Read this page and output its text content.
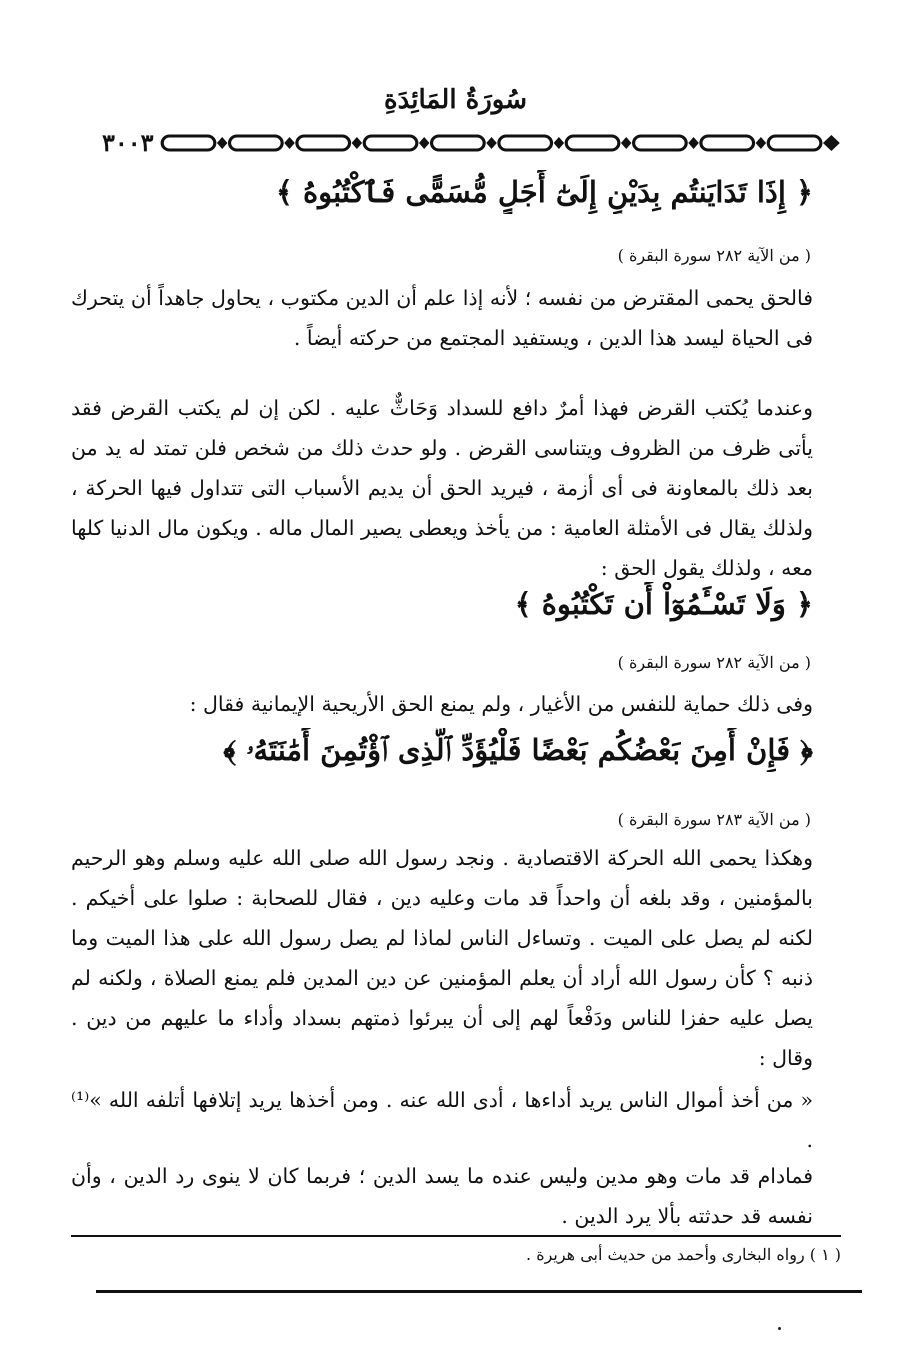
سُورَةُ المَائِدَةِ
٣٠٠٣
﴿ إِذَا تَدَايَنتُم بِدَيْنٍ إِلَىٰٓ أَجَلٍ مُّسَمًّى فَٱكْتُبُوهُ ﴾
( من الآية ٢٨٢ سورة البقرة )
فالحق يحمى المقترض من نفسه ؛ لأنه إذا علم أن الدين مكتوب ، يحاول جاهداً أن يتحرك فى الحياة ليسد هذا الدين ، ويستفيد المجتمع من حركته أيضاً .
وعندما يُكتب القرض فهذا أمرٌ دافع للسداد وَحَاثٌّ عليه . لكن إن لم يكتب القرض فقد يأتى ظرف من الظروف ويتناسى القرض . ولو حدث ذلك من شخص فلن تمتد له يد من بعد ذلك بالمعاونة فى أى أزمة ، فيريد الحق أن يديم الأسباب التى تتداول فيها الحركة ، ولذلك يقال فى الأمثلة العامية : من يأخذ ويعطى يصير المال ماله . ويكون مال الدنيا كلها معه ، ولذلك يقول الحق :
﴿ وَلَا تَسْـَٔمُوٓاْ أَن تَكْتُبُوهُ ﴾
( من الآية ٢٨٢ سورة البقرة )
وفى ذلك حماية للنفس من الأغيار ، ولم يمنع الحق الأريحية الإيمانية فقال :
﴿ فَإِنْ أَمِنَ بَعْضُكُم بَعْضًا فَلْيُؤَدِّ ٱلَّذِى ٱؤْتُمِنَ أَمَٰنَتَهُۥ ﴾
( من الآية ٢٨٣ سورة البقرة )
وهكذا يحمى الله الحركة الاقتصادية . ونجد رسول الله صلى الله عليه وسلم وهو الرحيم بالمؤمنين ، وقد بلغه أن واحداً قد مات وعليه دين ، فقال للصحابة : صلوا على أخيكم . لكنه لم يصل على الميت . وتساءل الناس لماذا لم يصل رسول الله على هذا الميت وما ذنبه ؟ كأن رسول الله أراد أن يعلم المؤمنين عن دين المدين فلم يمنع الصلاة ، ولكنه لم يصل عليه حفزا للناس ودَفْعاً لهم إلى أن يبرئوا ذمتهم بسداد وأداء ما عليهم من دين . وقال :
« من أخذ أموال الناس يريد أداءها ، أدى الله عنه . ومن أخذها يريد إتلافها أتلفه الله »⁽¹⁾ .
فمادام قد مات وهو مدين وليس عنده ما يسد الدين ؛ فربما كان لا ينوى رد الدين ، وأن نفسه قد حدثته بألا يرد الدين .
( ١ ) رواه البخارى وأحمد من حديث أبى هريرة .
